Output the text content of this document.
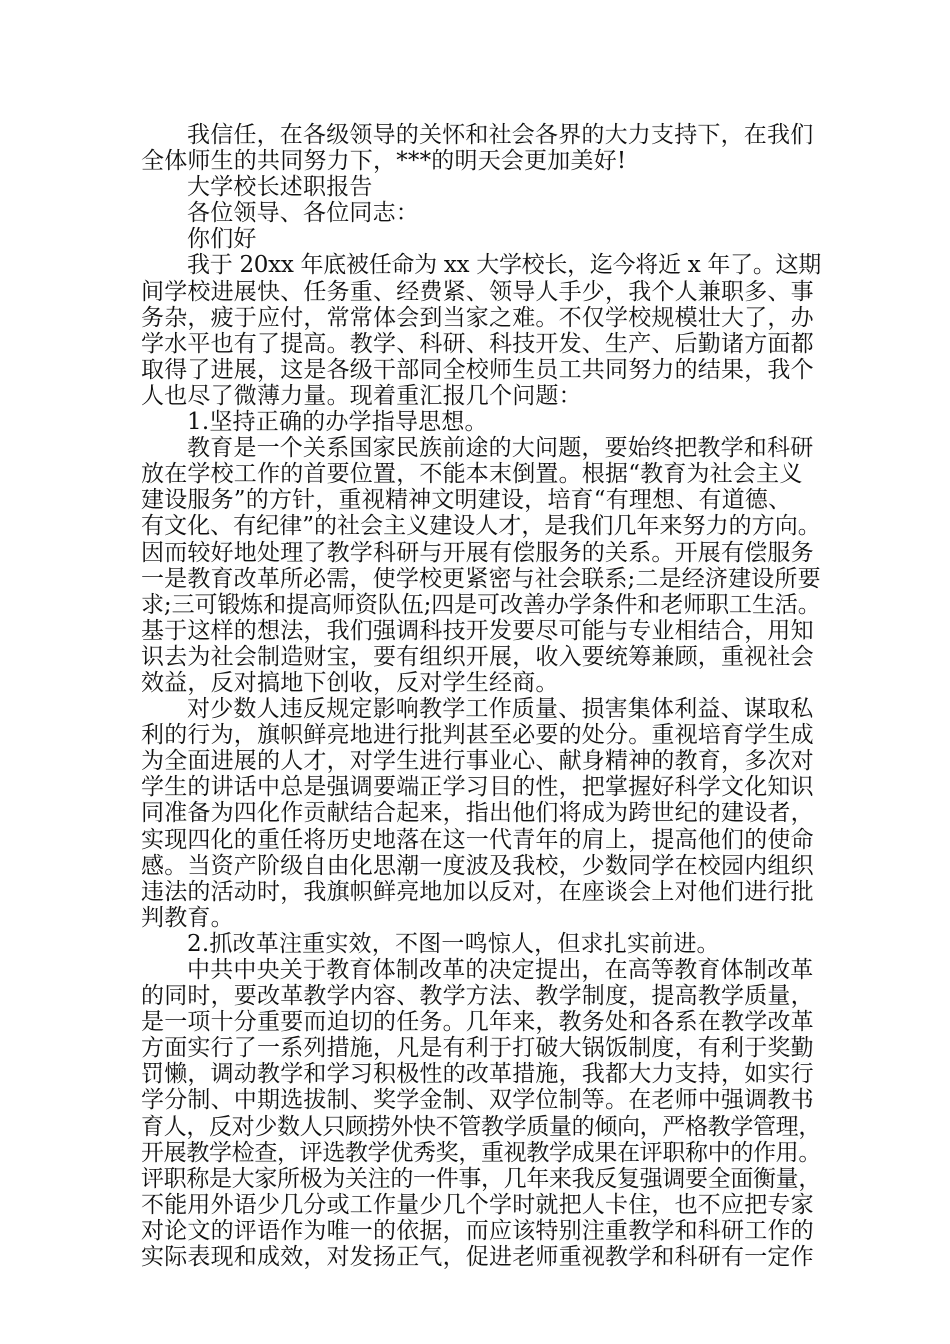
我信任，在各级领导的关怀和社会各界的大力支持下，在我们
全体师生的共同努力下，***的明天会更加美好!
大学校长述职报告
各位领导、各位同志：
你们好
我于 20xx 年底被任命为 xx 大学校长，迄今将近 x 年了。这期
间学校进展快、任务重、经费紧、领导人手少，我个人兼职多、事
务杂，疲于应付，常常体会到当家之难。不仅学校规模壮大了，办
学水平也有了提高。教学、科研、科技开发、生产、后勤诸方面都
取得了进展，这是各级干部同全校师生员工共同努力的结果，我个
人也尽了微薄力量。现着重汇报几个问题：
1.坚持正确的办学指导思想。
教育是一个关系国家民族前途的大问题，要始终把教学和科研
放在学校工作的首要位置，不能本末倒置。根据“教育为社会主义
建设服务”的方针，重视精神文明建设，培育“有理想、有道德、
有文化、有纪律”的社会主义建设人才，是我们几年来努力的方向。
因而较好地处理了教学科研与开展有偿服务的关系。开展有偿服务
一是教育改革所必需，使学校更紧密与社会联系;二是经济建设所要
求;三可锻炼和提高师资队伍;四是可改善办学条件和老师职工生活。
基于这样的想法，我们强调科技开发要尽可能与专业相结合，用知
识去为社会制造财宝，要有组织开展，收入要统筹兼顾，重视社会
效益，反对搞地下创收，反对学生经商。
对少数人违反规定影响教学工作质量、损害集体利益、谋取私
利的行为，旗帜鲜亮地进行批判甚至必要的处分。重视培育学生成
为全面进展的人才，对学生进行事业心、献身精神的教育，多次对
学生的讲话中总是强调要端正学习目的性，把掌握好科学文化知识
同准备为四化作贡献结合起来，指出他们将成为跨世纪的建设者，
实现四化的重任将历史地落在这一代青年的肩上，提高他们的使命
感。当资产阶级自由化思潮一度波及我校，少数同学在校园内组织
违法的活动时，我旗帜鲜亮地加以反对，在座谈会上对他们进行批
判教育。
2.抓改革注重实效，不图一鸣惊人，但求扎实前进。
中共中央关于教育体制改革的决定提出，在高等教育体制改革
的同时，要改革教学内容、教学方法、教学制度，提高教学质量，
是一项十分重要而迫切的任务。几年来，教务处和各系在教学改革
方面实行了一系列措施，凡是有利于打破大锅饭制度，有利于奖勤
罚懒，调动教学和学习积极性的改革措施，我都大力支持，如实行
学分制、中期选拔制、奖学金制、双学位制等。在老师中强调教书
育人，反对少数人只顾捞外快不管教学质量的倾向，严格教学管理，
开展教学检查，评选教学优秀奖，重视教学成果在评职称中的作用。
评职称是大家所极为关注的一件事，几年来我反复强调要全面衡量，
不能用外语少几分或工作量少几个学时就把人卡住，也不应把专家
对论文的评语作为唯一的依据，而应该特别注重教学和科研工作的
实际表现和成效，对发扬正气，促进老师重视教学和科研有一定作
